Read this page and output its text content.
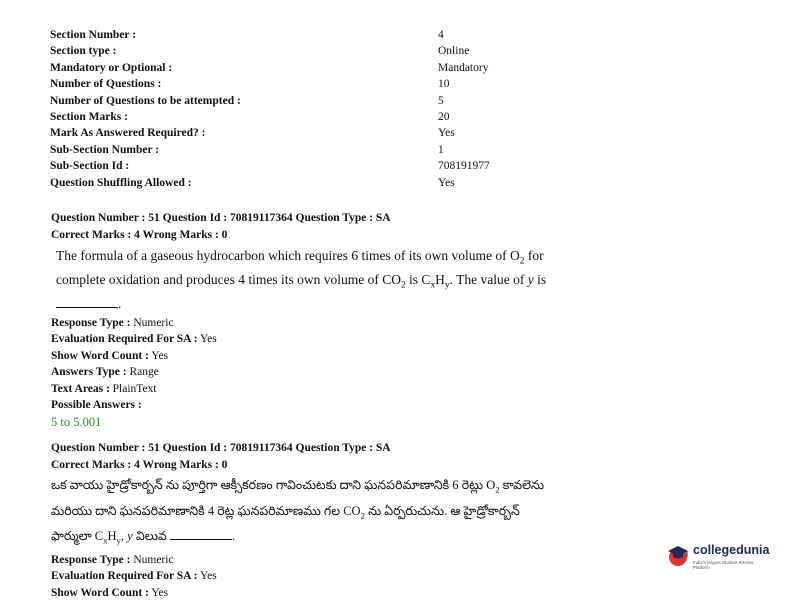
Section Number :	4
Section type :	Online
Mandatory or Optional :	Mandatory
Number of Questions :	10
Number of Questions to be attempted :	5
Section Marks :	20
Mark As Answered Required? :	Yes
Sub-Section Number :	1
Sub-Section Id :	708191977
Question Shuffling Allowed :	Yes
Question Number : 51 Question Id : 70819117364 Question Type : SA
Correct Marks : 4 Wrong Marks : 0
The formula of a gaseous hydrocarbon which requires 6 times of its own volume of $O_2$ for complete oxidation and produces 4 times its own volume of $CO_2$ is $C_xH_y$. The value of y is
.
Response Type : Numeric
Evaluation Required For SA : Yes
Show Word Count : Yes
Answers Type : Range
Text Areas : PlainText
Possible Answers :
5 to 5.001
Question Number : 51 Question Id : 70819117364 Question Type : SA
Correct Marks : 4 Wrong Marks : 0
ఒక వాయు హైడ్రోకార్బన్ ను పూర్తిగా ఆక్సీకరణం గావించుటకు దాని ఘనపరిమాణానికి 6 రెట్లు $O_2$ కావలెను
మరియు దాని ఘనపరిమాణానికి 4 రెట్ల ఘనపరిమాణము గల $CO_2$ ను ఏర్పరుచును. ఆ హైడ్రోకార్బన్
ఫార్ములా $C_xH_y$, y విలువ	.
Response Type : Numeric
Evaluation Required For SA : Yes
Show Word Count : Yes
collegedunia
India's largest Student Review Platform
